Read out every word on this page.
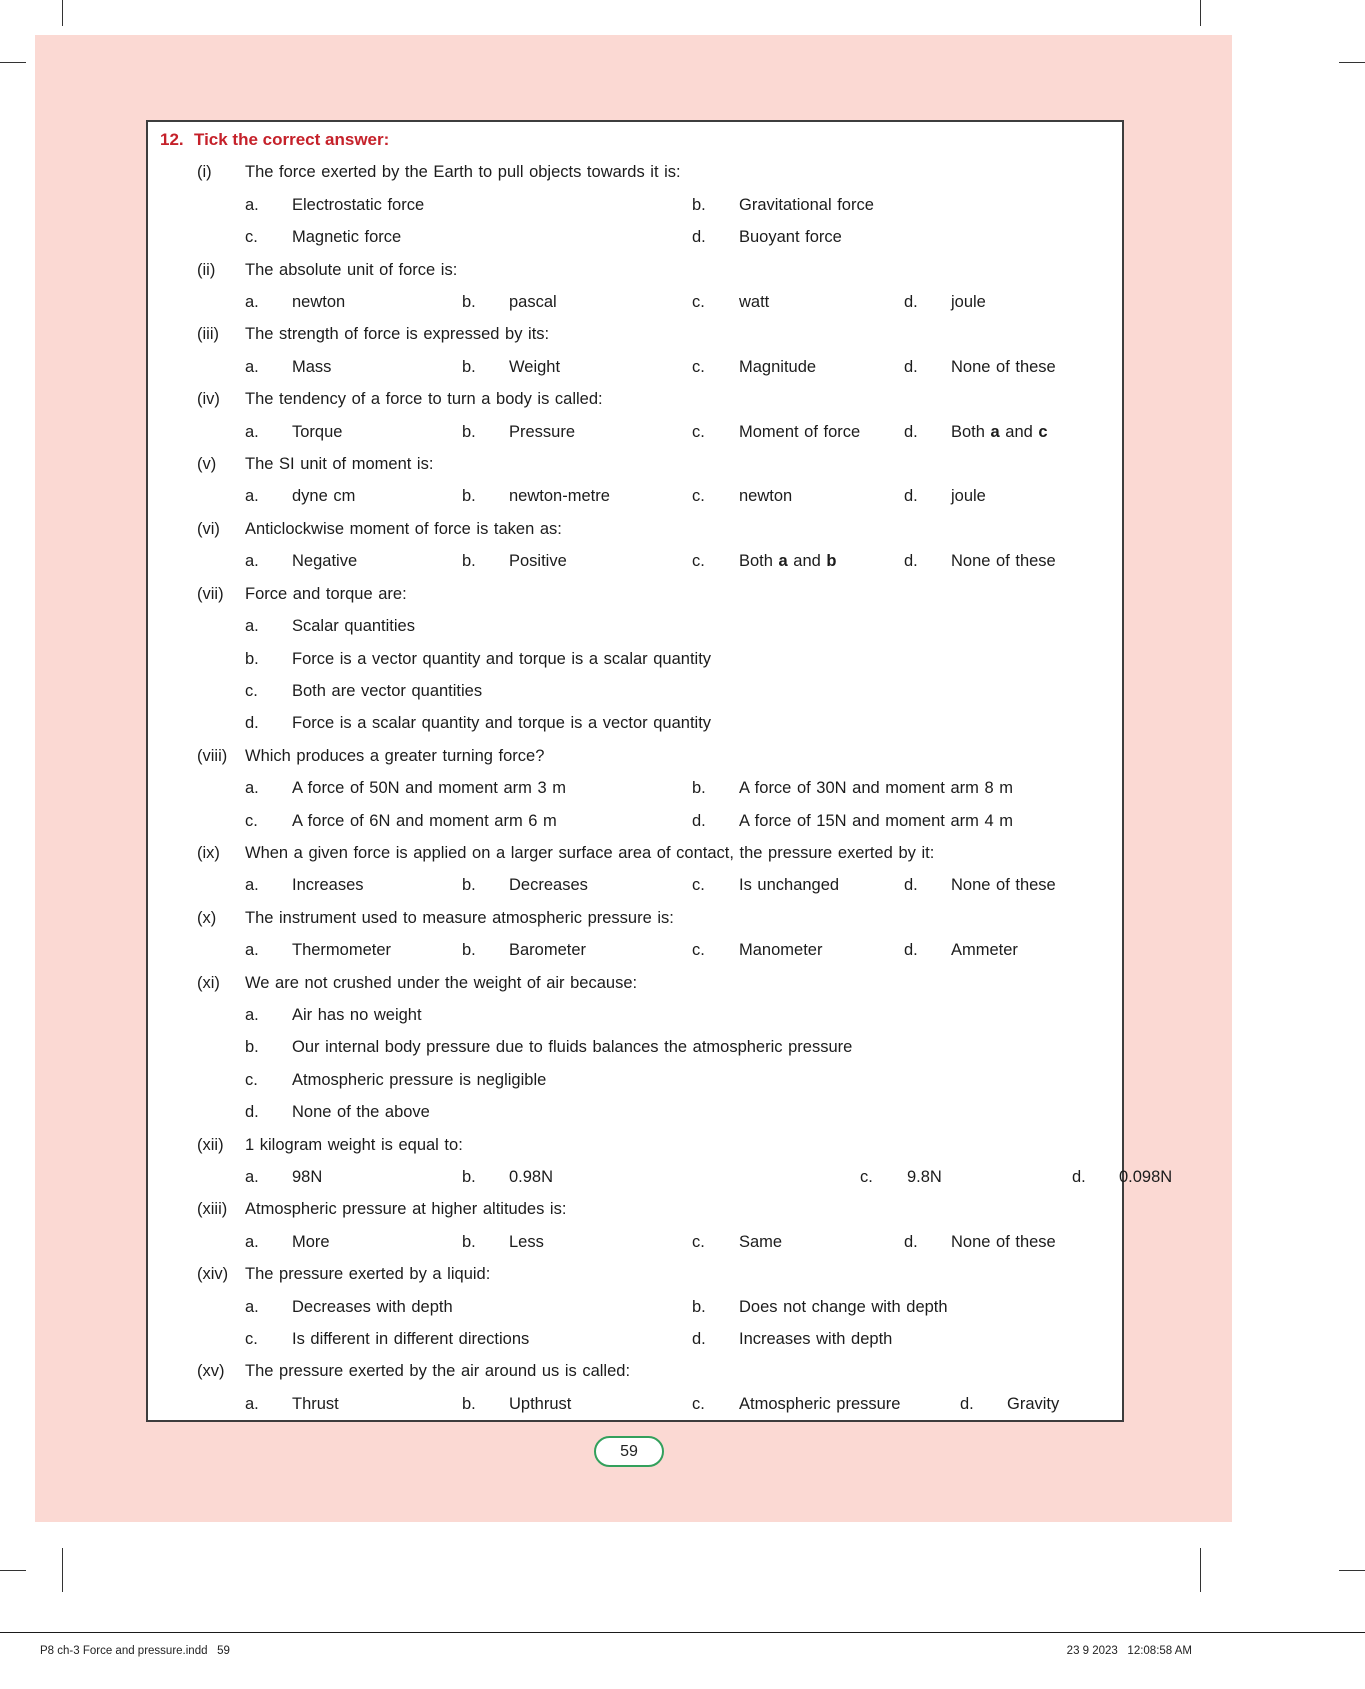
12. Tick the correct answer:
(i)	The force exerted by the Earth to pull objects towards it is:
a.	Electrostatic force	b.	Gravitational force
c.	Magnetic force	d.	Buoyant force
(ii)	The absolute unit of force is:
a.	newton	b.	pascal	c.	watt	d.	joule
(iii)	The strength of force is expressed by its:
a.	Mass	b.	Weight	c.	Magnitude	d.	None of these
(iv)	The tendency of a force to turn a body is called:
a.	Torque	b.	Pressure	c.	Moment of force	d.	Both a and c
(v)	The SI unit of moment is:
a.	dyne cm	b.	newton-metre	c.	newton	d.	joule
(vi)	Anticlockwise moment of force is taken as:
a.	Negative	b.	Positive	c.	Both a and b	d.	None of these
(vii)	Force and torque are:
a.	Scalar quantities
b.	Force is a vector quantity and torque is a scalar quantity
c.	Both are vector quantities
d.	Force is a scalar quantity and torque is a vector quantity
(viii)	Which produces a greater turning force?
a.	A force of 50N and moment arm 3 m	b.	A force of 30N and moment arm 8 m
c.	A force of 6N and moment arm 6 m	d.	A force of 15N and moment arm 4 m
(ix)	When a given force is applied on a larger surface area of contact, the pressure exerted by it:
a.	Increases	b.	Decreases	c.	Is unchanged	d.	None of these
(x)	The instrument used to measure atmospheric pressure is:
a.	Thermometer	b.	Barometer	c.	Manometer	d.	Ammeter
(xi)	We are not crushed under the weight of air because:
a.	Air has no weight
b.	Our internal body pressure due to fluids balances the atmospheric pressure
c.	Atmospheric pressure is negligible
d.	None of the above
(xii)	1 kilogram weight is equal to:
a.	98N	b.	0.98N	c.	9.8N	d.	0.098N
(xiii)	Atmospheric pressure at higher altitudes is:
a.	More	b.	Less	c.	Same	d.	None of these
(xiv)	The pressure exerted by a liquid:
a.	Decreases with depth	b.	Does not change with depth
c.	Is different in different directions	d.	Increases with depth
(xv)	The pressure exerted by the air around us is called:
a.	Thrust	b.	Upthrust	c.	Atmospheric pressure	d.	Gravity
59
P8 ch-3 Force and pressure.indd   59	23 9 2023   12:08:58 AM
